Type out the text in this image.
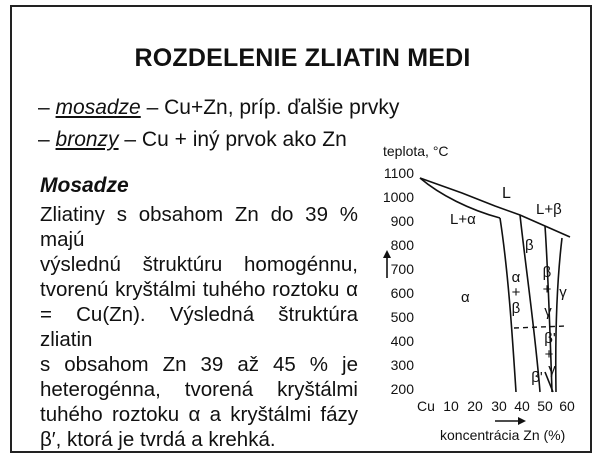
ROZDELENIE ZLIATIN MEDI
– mosadze – Cu+Zn, príp. ďalšie prvky
– bronzy – Cu + iný prvok ako Zn
Mosadze
Zliatiny s obsahom Zn do 39 % majú
výslednú štruktúru homogénnu,
tvorenú kryštálmi tuhého roztoku α
= Cu(Zn). Výsledná štruktúra zliatin
s obsahom Zn 39 až 45 % je
heterogénna, tvorená kryštálmi
tuhého roztoku α a kryštálmi fázy
β′, ktorá je tvrdá a krehká.
teplota, °C
1100
1000
900
800
700
600
500
400
300
200
Cu 10 20 30 40 50 60
koncentrácia Zn (%)
L
L+β
L+α
β
α
α
+
β
β
+ γ
γ
β'
+
γ
β'
